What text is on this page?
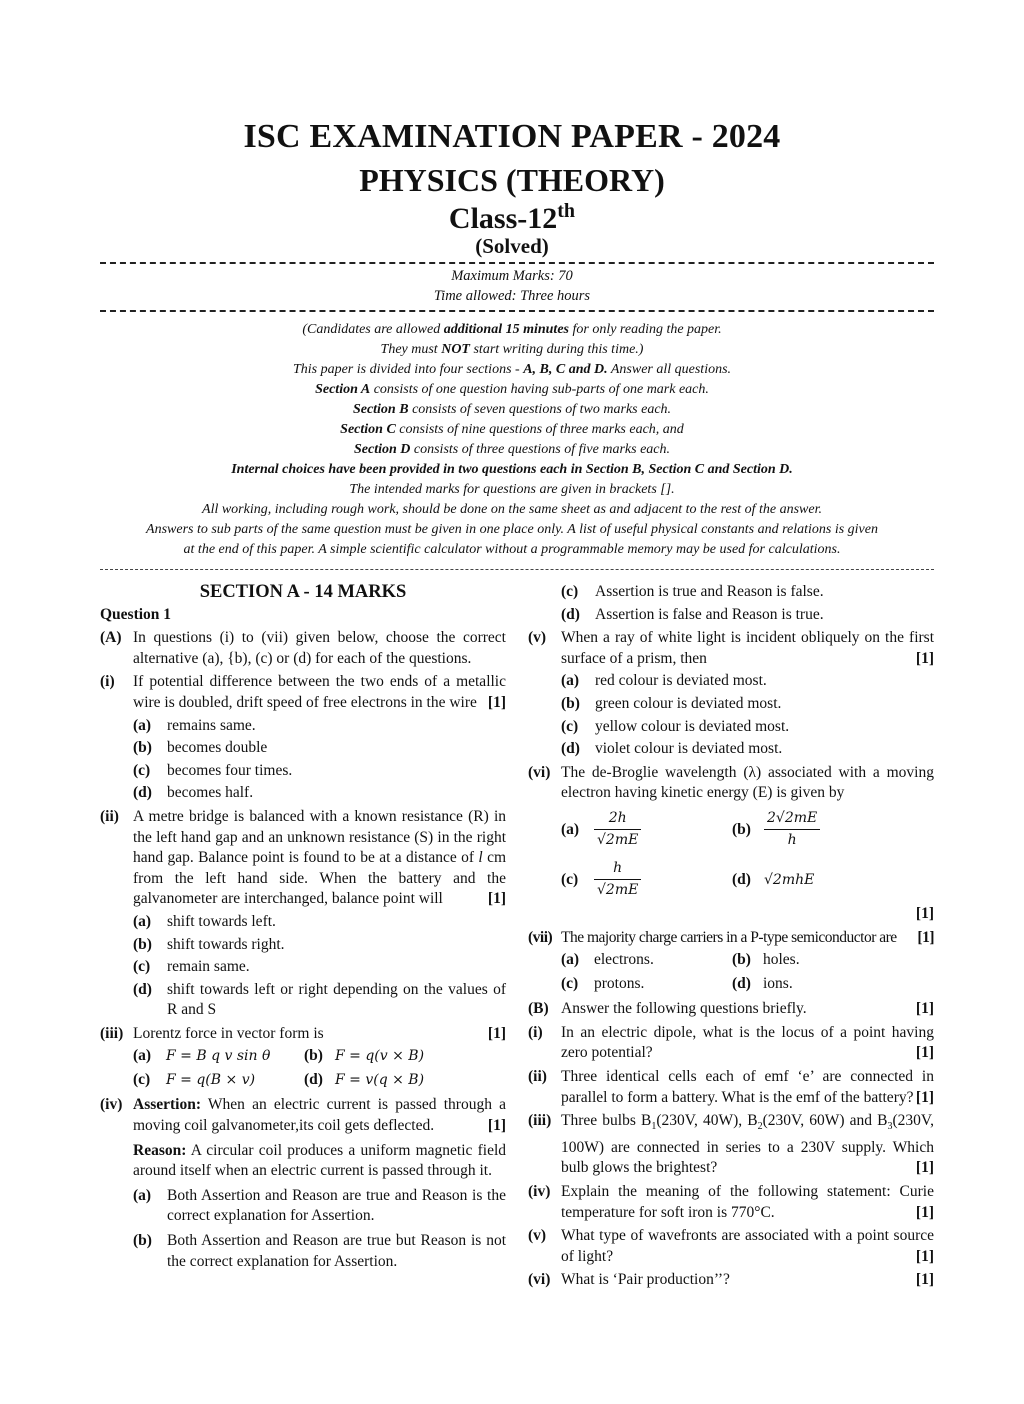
ISC EXAMINATION PAPER - 2024
PHYSICS (THEORY)
Class-12th
(Solved)
Maximum Marks: 70
Time allowed: Three hours
(Candidates are allowed additional 15 minutes for only reading the paper.
They must NOT start writing during this time.)
This paper is divided into four sections - A, B, C and D. Answer all questions.
Section A consists of one question having sub-parts of one mark each.
Section B consists of seven questions of two marks each.
Section C consists of nine questions of three marks each, and
Section D consists of three questions of five marks each.
Internal choices have been provided in two questions each in Section B, Section C and Section D.
The intended marks for questions are given in brackets [].
All working, including rough work, should be done on the same sheet as and adjacent to the rest of the answer.
Answers to sub parts of the same question must be given in one place only. A list of useful physical constants and relations is given
at the end of this paper. A simple scientific calculator without a programmable memory may be used for calculations.
SECTION A - 14 MARKS
Question 1
(A) In questions (i) to (vii) given below, choose the correct alternative (a), {b), (c) or (d) for each of the questions.
(i) If potential difference between the two ends of a metallic wire is doubled, drift speed of free electrons in the wire [1]
(a) remains same.
(b) becomes double
(c) becomes four times.
(d) becomes half.
(ii) A metre bridge is balanced with a known resistance (R) in the left hand gap and an unknown resistance (S) in the right hand gap. Balance point is found to be at a distance of l cm from the left hand side. When the battery and the galvanometer are interchanged, balance point will	[1]
(a) shift towards left.
(b) shift towards right.
(c) remain same.
(d) shift towards left or right depending on the values of R and S
(iii) Lorentz force in vector form is	[1]
(a) F = B q v sin θ (b) F = q(v × B)
(c) F = q(B × v)	(d) F = v(q × B)
(iv) Assertion: When an electric current is passed through a moving coil galvanometer,its coil gets deflected.	[1]
Reason: A circular coil produces a uniform magnetic field around itself when an electric current is passed through it.
(a) Both Assertion and Reason are true and Reason is the correct explanation for Assertion.
(b) Both Assertion and Reason are true but Reason is not the correct explanation for Assertion.
(c) Assertion is true and Reason is false.
(d) Assertion is false and Reason is true.
(v) When a ray of white light is incident obliquely on the first surface of a prism, then	[1]
(a) red colour is deviated most.
(b) green colour is deviated most.
(c) yellow colour is deviated most.
(d) violet colour is deviated most.
(vi) The de-Broglie wavelength (λ) associated with a moving electron having kinetic energy (E) is given by
$(a) \frac{2h}{√2mE}$	$(b) \frac{2√2mE}{h}$
$(c) \frac{h}{√2mE}$	(d) √2mhE
[1]
(vii) The majority charge carriers in a P-type semiconductor are [1]
(a) electrons.	(b) holes.
(c) protons.	(d) ions.
(B) Answer the following questions briefly.	[1]
(i) In an electric dipole, what is the locus of a point having zero potential?	[1]
(ii) Three identical cells each of emf ‘e’ are connected in parallel to form a battery. What is the emf of the battery? [1]
(iii) Three bulbs $B_1(230V$, 40W), $B_2(230V$, 60W) and $B_3(230V$, 100W) are connected in series to a 230V supply. Which bulb glows the brightest?	[1]
(iv) Explain the meaning of the following statement: Curie temperature for soft iron is 770°C.	[1]
(v) What type of wavefronts are associated with a point source of light?	[1]
(vi) What is ‘Pair production’’?	[1]
